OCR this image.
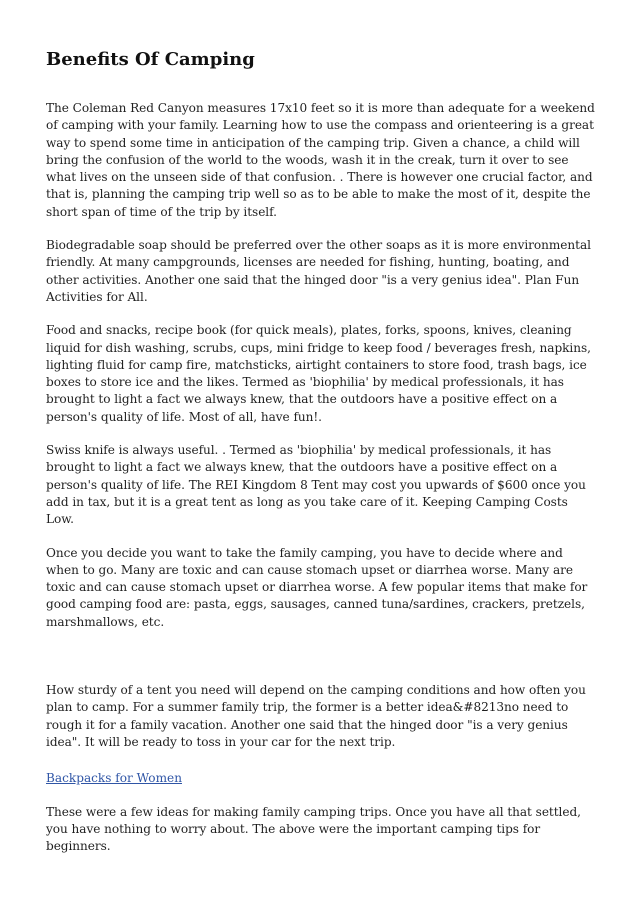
Benefits Of Camping

The Coleman Red Canyon measures 17x10 feet so it is more than adequate for a weekend of camping with your family. Learning how to use the compass and orienteering is a great way to spend some time in anticipation of the camping trip. Given a chance, a child will bring the confusion of the world to the woods, wash it in the creak, turn it over to see what lives on the unseen side of that confusion. . There is however one crucial factor, and that is, planning the camping trip well so as to be able to make the most of it, despite the short span of time of the trip by itself.

Biodegradable soap should be preferred over the other soaps as it is more environmental friendly. At many campgrounds, licenses are needed for fishing, hunting, boating, and other activities. Another one said that the hinged door "is a very genius idea". Plan Fun Activities for All.

Food and snacks, recipe book (for quick meals), plates, forks, spoons, knives, cleaning liquid for dish washing, scrubs, cups, mini fridge to keep food / beverages fresh, napkins, lighting fluid for camp fire, matchsticks, airtight containers to store food, trash bags, ice boxes to store ice and the likes. Termed as 'biophilia' by medical professionals, it has brought to light a fact we always knew, that the outdoors have a positive effect on a person's quality of life. Most of all, have fun!.

Swiss knife is always useful. . Termed as 'biophilia' by medical professionals, it has brought to light a fact we always knew, that the outdoors have a positive effect on a person's quality of life. The REI Kingdom 8 Tent may cost you upwards of $600 once you add in tax, but it is a great tent as long as you take care of it. Keeping Camping Costs Low.

Once you decide you want to take the family camping, you have to decide where and when to go. Many are toxic and can cause stomach upset or diarrhea worse. Many are toxic and can cause stomach upset or diarrhea worse. A few popular items that make for good camping food are: pasta, eggs, sausages, canned tuna/sardines, crackers, pretzels, marshmallows, etc.

How sturdy of a tent you need will depend on the camping conditions and how often you plan to camp. For a summer family trip, the former is a better idea&#8213no need to rough it for a family vacation. Another one said that the hinged door "is a very genius idea". It will be ready to toss in your car for the next trip.

Backpacks for Women

These were a few ideas for making family camping trips. Once you have all that settled, you have nothing to worry about. The above were the important camping tips for beginners.
